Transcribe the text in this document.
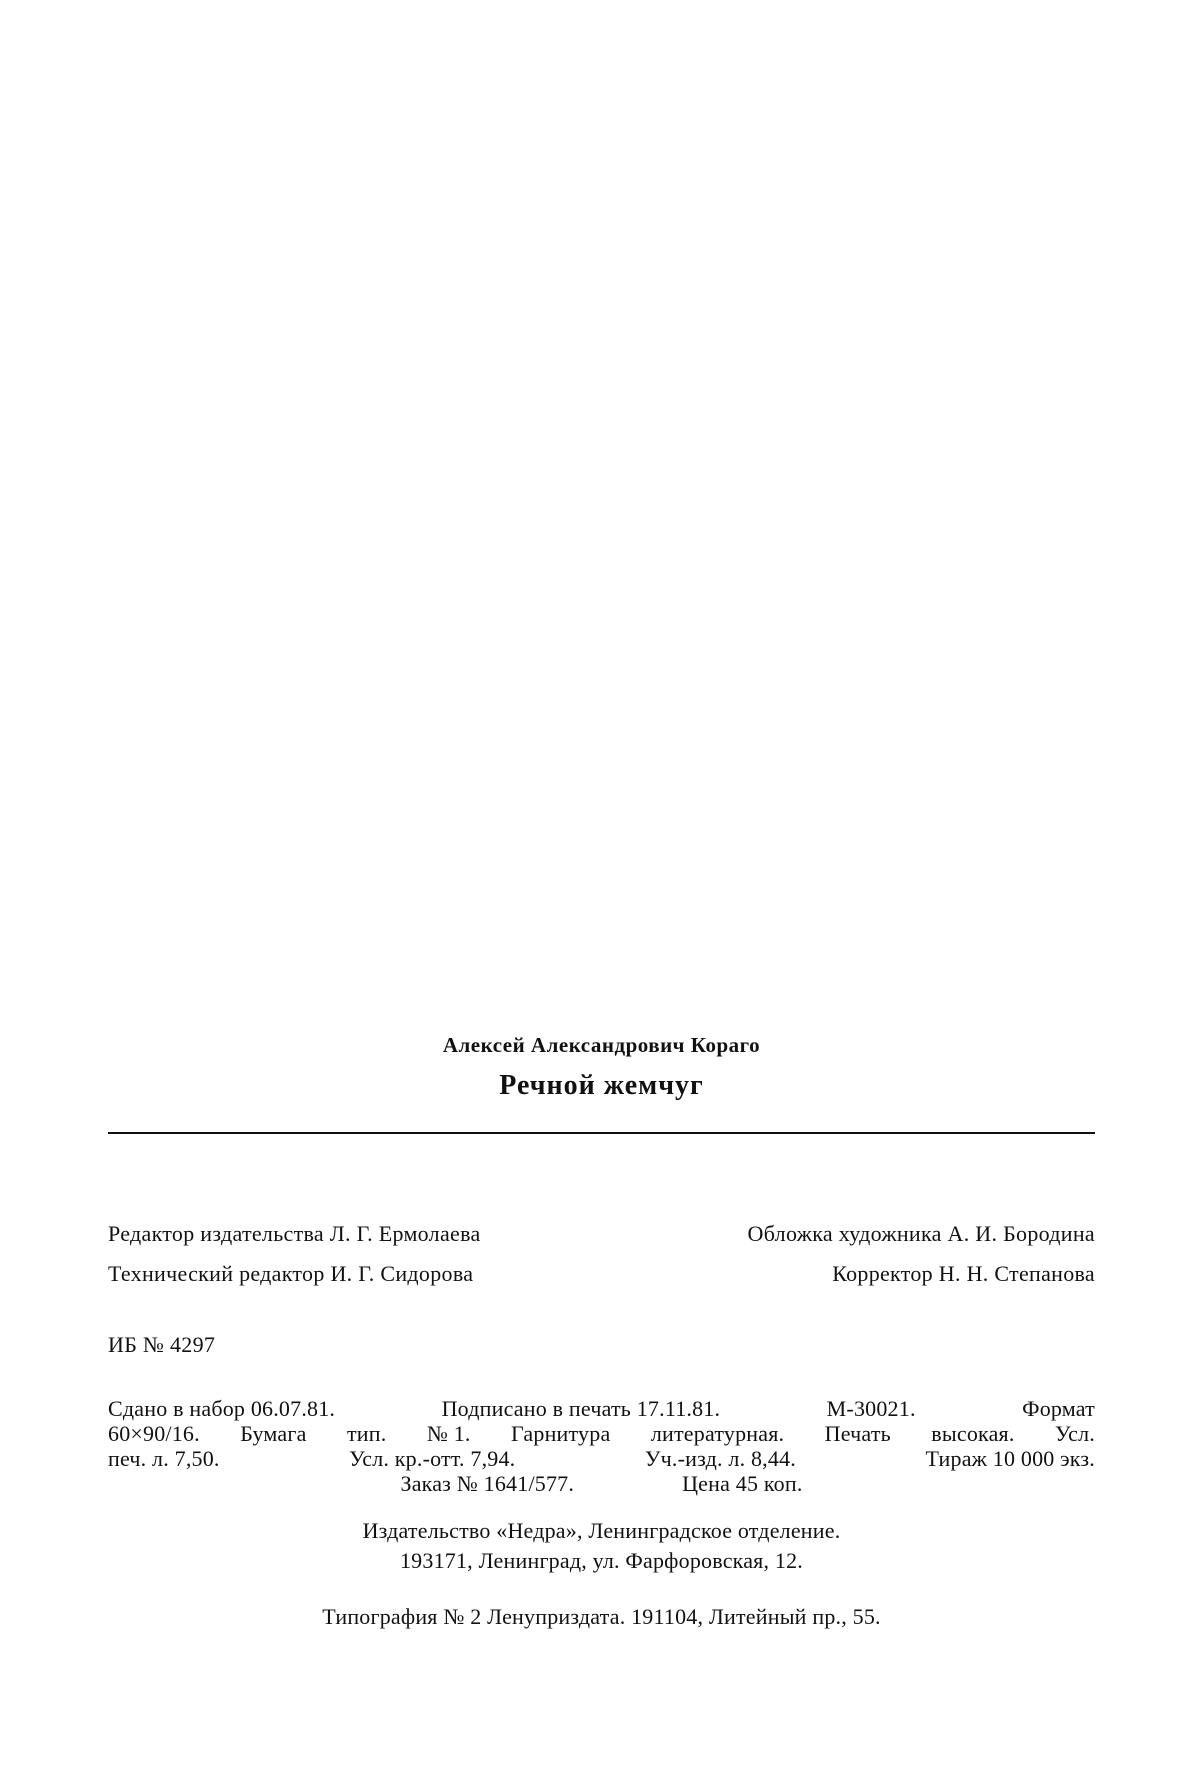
Алексей Александрович Кораго

Речной жемчуг

Редактор издательства Л. Г. Ермолаева	Обложка художника А. И. Бородина
Технический редактор И. Г. Сидорова	Корректор Н. Н. Степанова
ИБ № 4297
Сдано в набор 06.07.81.	Подписано в печать 17.11.81.	М-30021.	Формат
60×90/16. Бумага тип. № 1. Гарнитура литературная. Печать высокая. Усл.
печ. л. 7,50.	Усл. кр.-отт. 7,94.	Уч.-изд. л. 8,44.	Тираж 10 000 экз.
Заказ № 1641/577.	Цена 45 коп.
Издательство «Недра», Ленинградское отделение.
193171, Ленинград, ул. Фарфоровская, 12.
Типография № 2 Ленуприздата. 191104, Литейный пр., 55.
